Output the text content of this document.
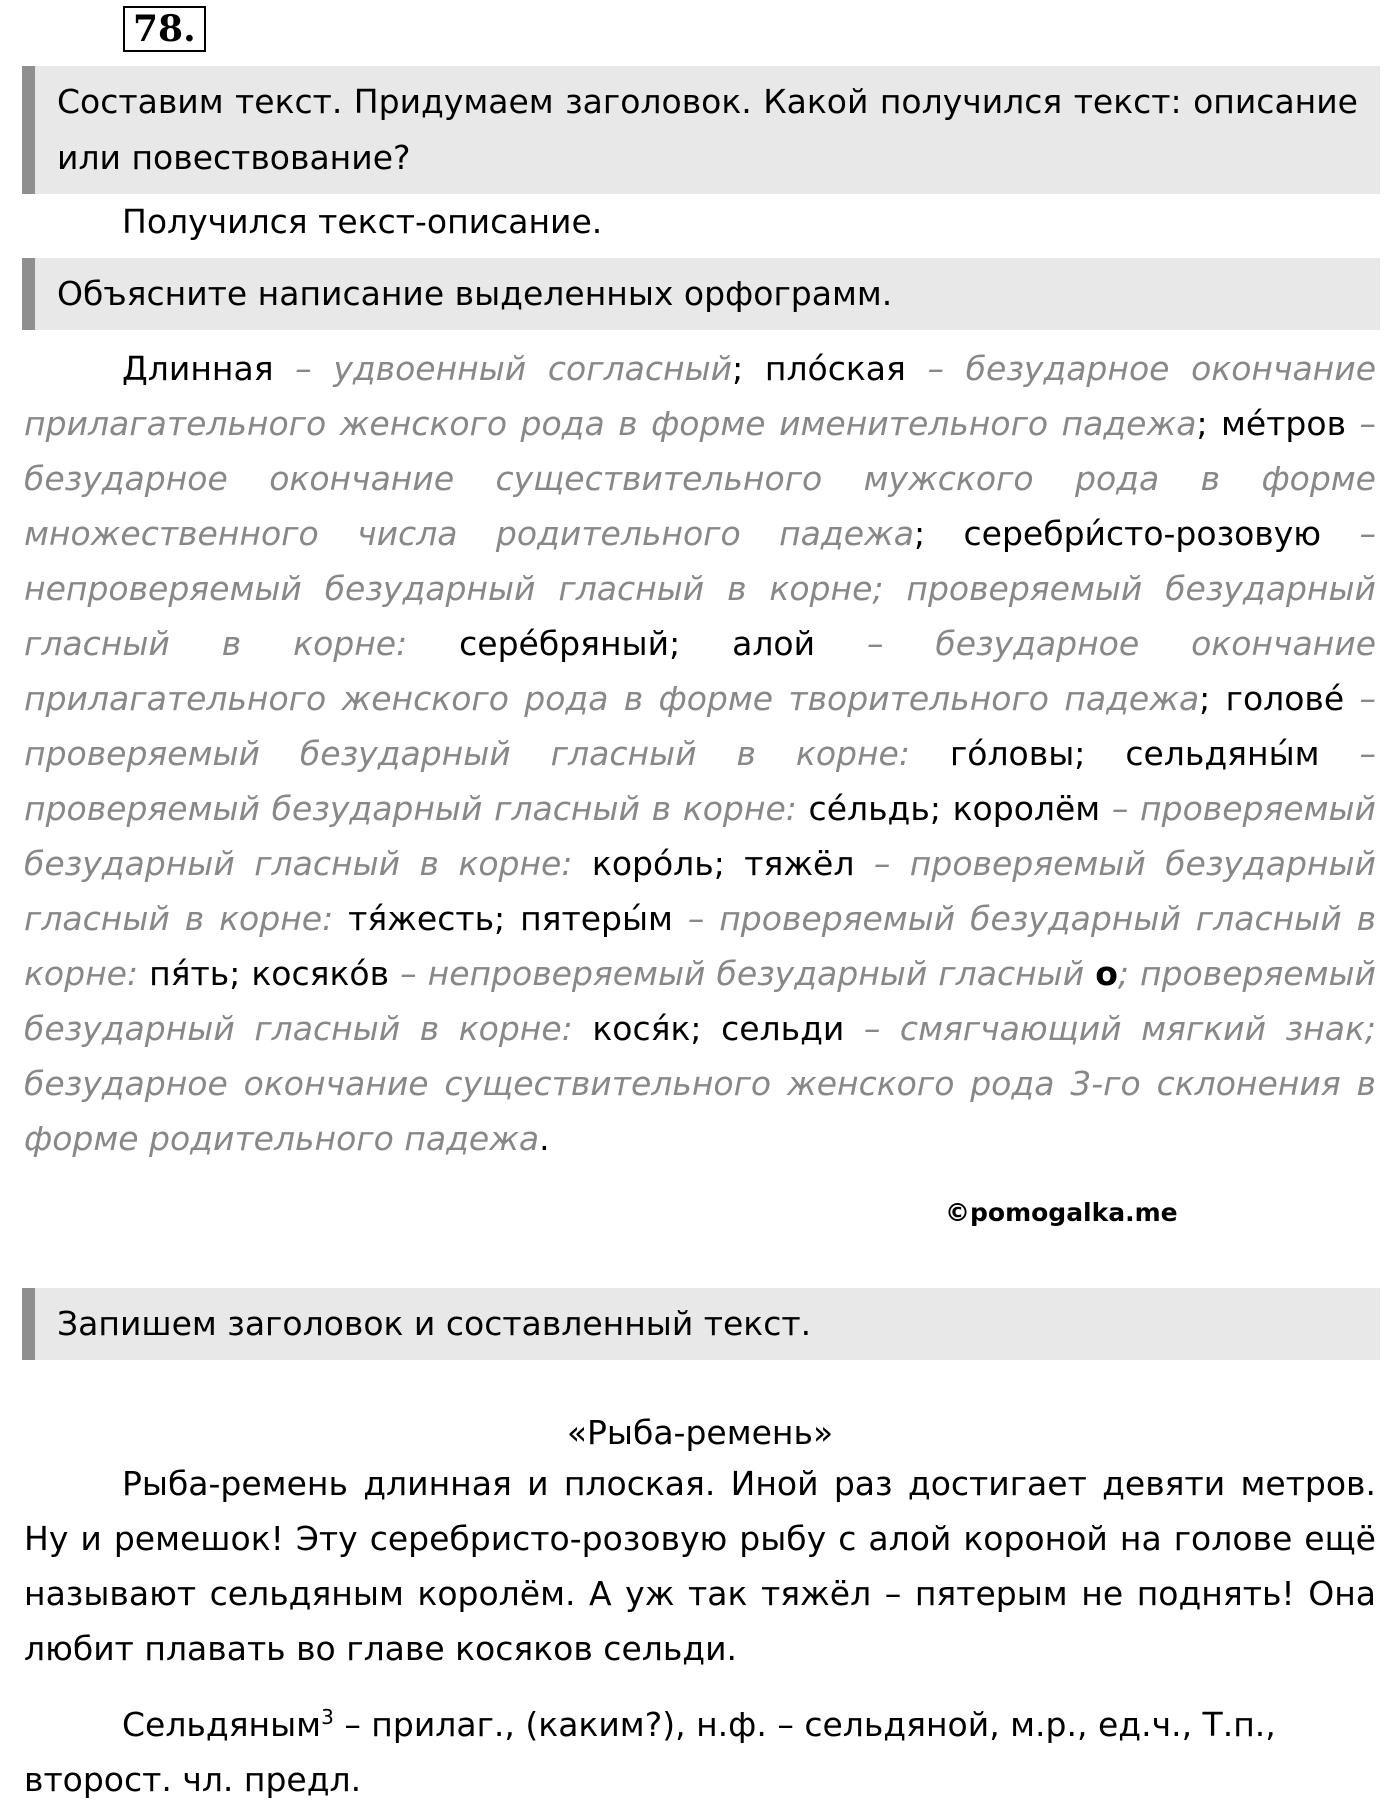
78.
Составим текст. Придумаем заголовок. Какой получился текст: описание или повествование?
Получился текст-описание.
Объясните написание выделенных орфограмм.

Длинная – удвоенный согласный; пло́ская – безударное окончание прилагательного женского рода в форме именительного падежа; ме́тров – безударное окончание существительного мужского рода в форме множественного числа родительного падежа; серебри́сто-розовую – непроверяемый безударный гласный в корне; проверяемый безударный гласный в корне: сере́бряный; алой – безударное окончание прилагательного женского рода в форме творительного падежа; голове́ – проверяемый безударный гласный в корне: го́ловы; сельдяны́м – проверяемый безударный гласный в корне: се́льдь; королём – проверяемый безударный гласный в корне: коро́ль; тяжёл – проверяемый безударный гласный в корне: тя́жесть; пятеры́м – проверяемый безударный гласный в корне: пя́ть; косяко́в – непроверяемый безударный гласный о; проверяемый безударный гласный в корне: кося́к; сельди – смягчающий мягкий знак; безударное окончание существительного женского рода 3-го склонения в форме родительного падежа.

©pomogalka.me
Запишем заголовок и составленный текст.
«Рыба-ремень»
Рыба-ремень длинная и плоская. Иной раз достигает девяти метров. Ну и ремешок! Эту серебристо-розовую рыбу с алой короной на голове ещё называют сельдяным королём. А уж так тяжёл – пятерым не поднять! Она любит плавать во главе косяков сельди.
Сельдяным$^3$ – прилаг., (каким?), н.ф. – сельдяной, м.р., ед.ч., Т.п., второст. чл. предл.
